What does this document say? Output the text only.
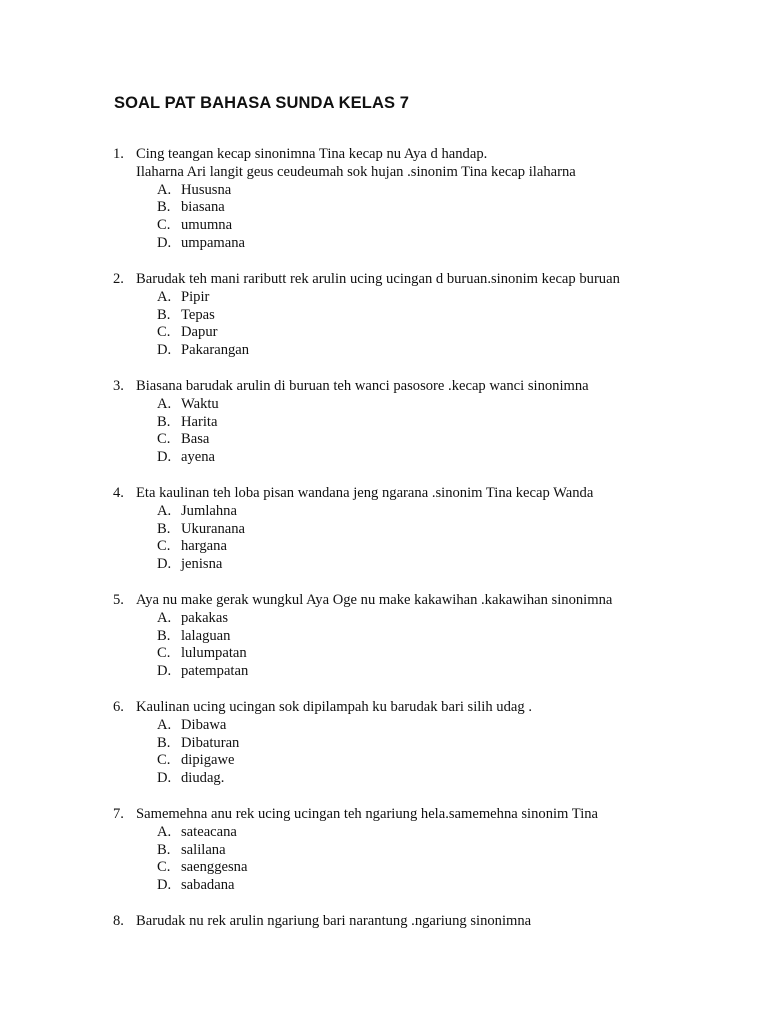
SOAL PAT BAHASA SUNDA KELAS 7
1. Cing teangan kecap sinonimna Tina kecap nu Aya d handap.
Ilaharna Ari langit geus ceudeumah sok hujan .sinonim Tina kecap ilaharna
A. Hususna
B. biasana
C. umumna
D. umpamana
2. Barudak teh mani raributt rek arulin ucing ucingan d buruan.sinonim kecap buruan
A. Pipir
B. Tepas
C. Dapur
D. Pakarangan
3. Biasana barudak arulin di buruan teh wanci pasosore .kecap wanci sinonimna
A. Waktu
B. Harita
C. Basa
D. ayena
4. Eta kaulinan teh loba pisan wandana jeng ngarana .sinonim Tina kecap Wanda
A. Jumlahna
B. Ukuranana
C. hargana
D. jenisna
5. Aya nu make gerak wungkul Aya Oge nu make kakawihan .kakawihan sinonimna
A. pakakas
B. lalaguan
C. lulumpatan
D. patempatan
6. Kaulinan ucing ucingan sok dipilampah ku barudak bari silih udag .
A. Dibawa
B. Dibaturan
C. dipigawe
D. diudag.
7. Samemehna anu rek ucing ucingan teh ngariung hela.samemehna sinonim Tina
A. sateacana
B. salilana
C. saenggesna
D. sabadana
8. Barudak nu rek arulin ngariung bari narantung .ngariung sinonimna
